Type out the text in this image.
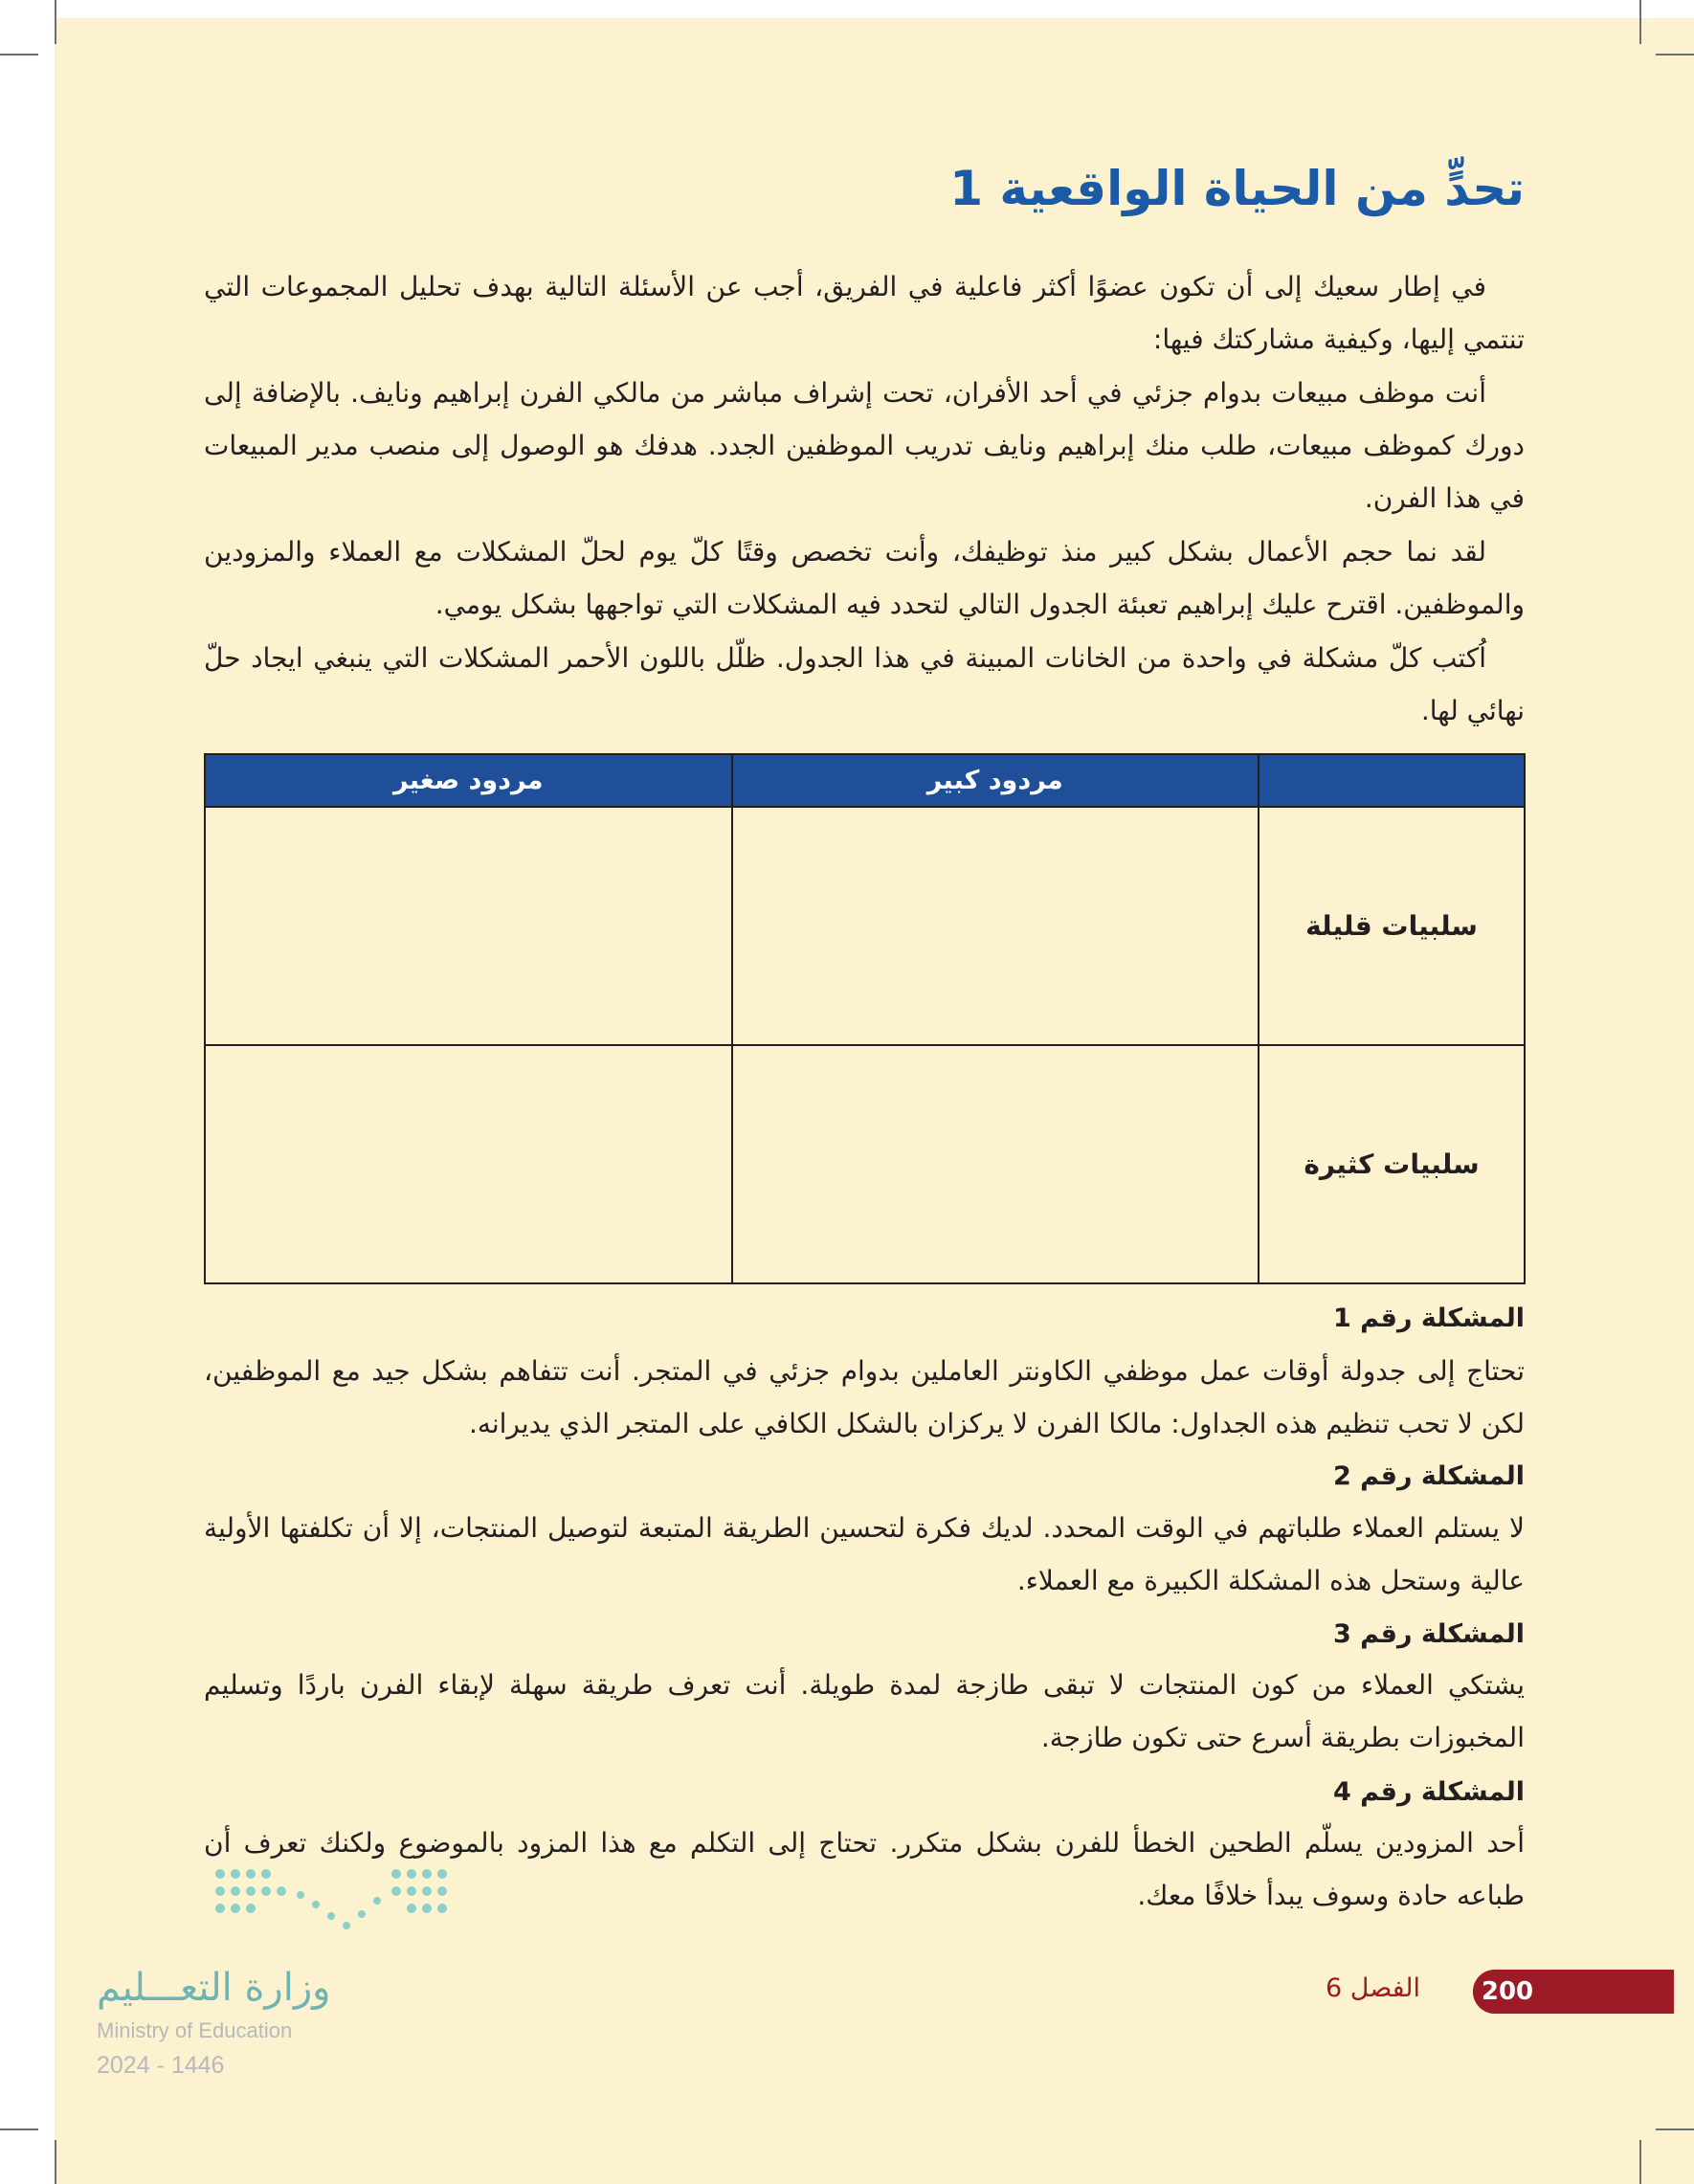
تحدٍّ من الحياة الواقعية 1

في إطار سعيك إلى أن تكون عضوًا أكثر فاعلية في الفريق، أجب عن الأسئلة التالية بهدف تحليل المجموعات التي تنتمي إليها، وكيفية مشاركتك فيها:

أنت موظف مبيعات بدوام جزئي في أحد الأفران، تحت إشراف مباشر من مالكي الفرن إبراهيم ونايف. بالإضافة إلى دورك كموظف مبيعات، طلب منك إبراهيم ونايف تدريب الموظفين الجدد. هدفك هو الوصول إلى منصب مدير المبيعات في هذا الفرن.

لقد نما حجم الأعمال بشكل كبير منذ توظيفك، وأنت تخصص وقتًا كلّ يوم لحلّ المشكلات مع العملاء والمزودين والموظفين. اقترح عليك إبراهيم تعبئة الجدول التالي لتحدد فيه المشكلات التي تواجهها بشكل يومي.

اُكتب كلّ مشكلة في واحدة من الخانات المبينة في هذا الجدول. ظلّل باللون الأحمر المشكلات التي ينبغي ايجاد حلّ نهائي لها.

	مردود كبير	مردود صغير
سلبيات قليلة		
سلبيات كثيرة		

المشكلة رقم 1

تحتاج إلى جدولة أوقات عمل موظفي الكاونتر العاملين بدوام جزئي في المتجر. أنت تتفاهم بشكل جيد مع الموظفين، لكن لا تحب تنظيم هذه الجداول: مالكا الفرن لا يركزان بالشكل الكافي على المتجر الذي يديرانه.

المشكلة رقم 2

لا يستلم العملاء طلباتهم في الوقت المحدد. لديك فكرة لتحسين الطريقة المتبعة لتوصيل المنتجات، إلا أن تكلفتها الأولية عالية وستحل هذه المشكلة الكبيرة مع العملاء.

المشكلة رقم 3

يشتكي العملاء من كون المنتجات لا تبقى طازجة لمدة طويلة. أنت تعرف طريقة سهلة لإبقاء الفرن باردًا وتسليم المخبوزات بطريقة أسرع حتى تكون طازجة.

المشكلة رقم 4

أحد المزودين يسلّم الطحين الخطأ للفرن بشكل متكرر. تحتاج إلى التكلم مع هذا المزود بالموضوع ولكنك تعرف أن طباعه حادة وسوف يبدأ خلافًا معك.

وزارة التعـــليم
Ministry of Education
2024 - 1446
الفصل 6	200
